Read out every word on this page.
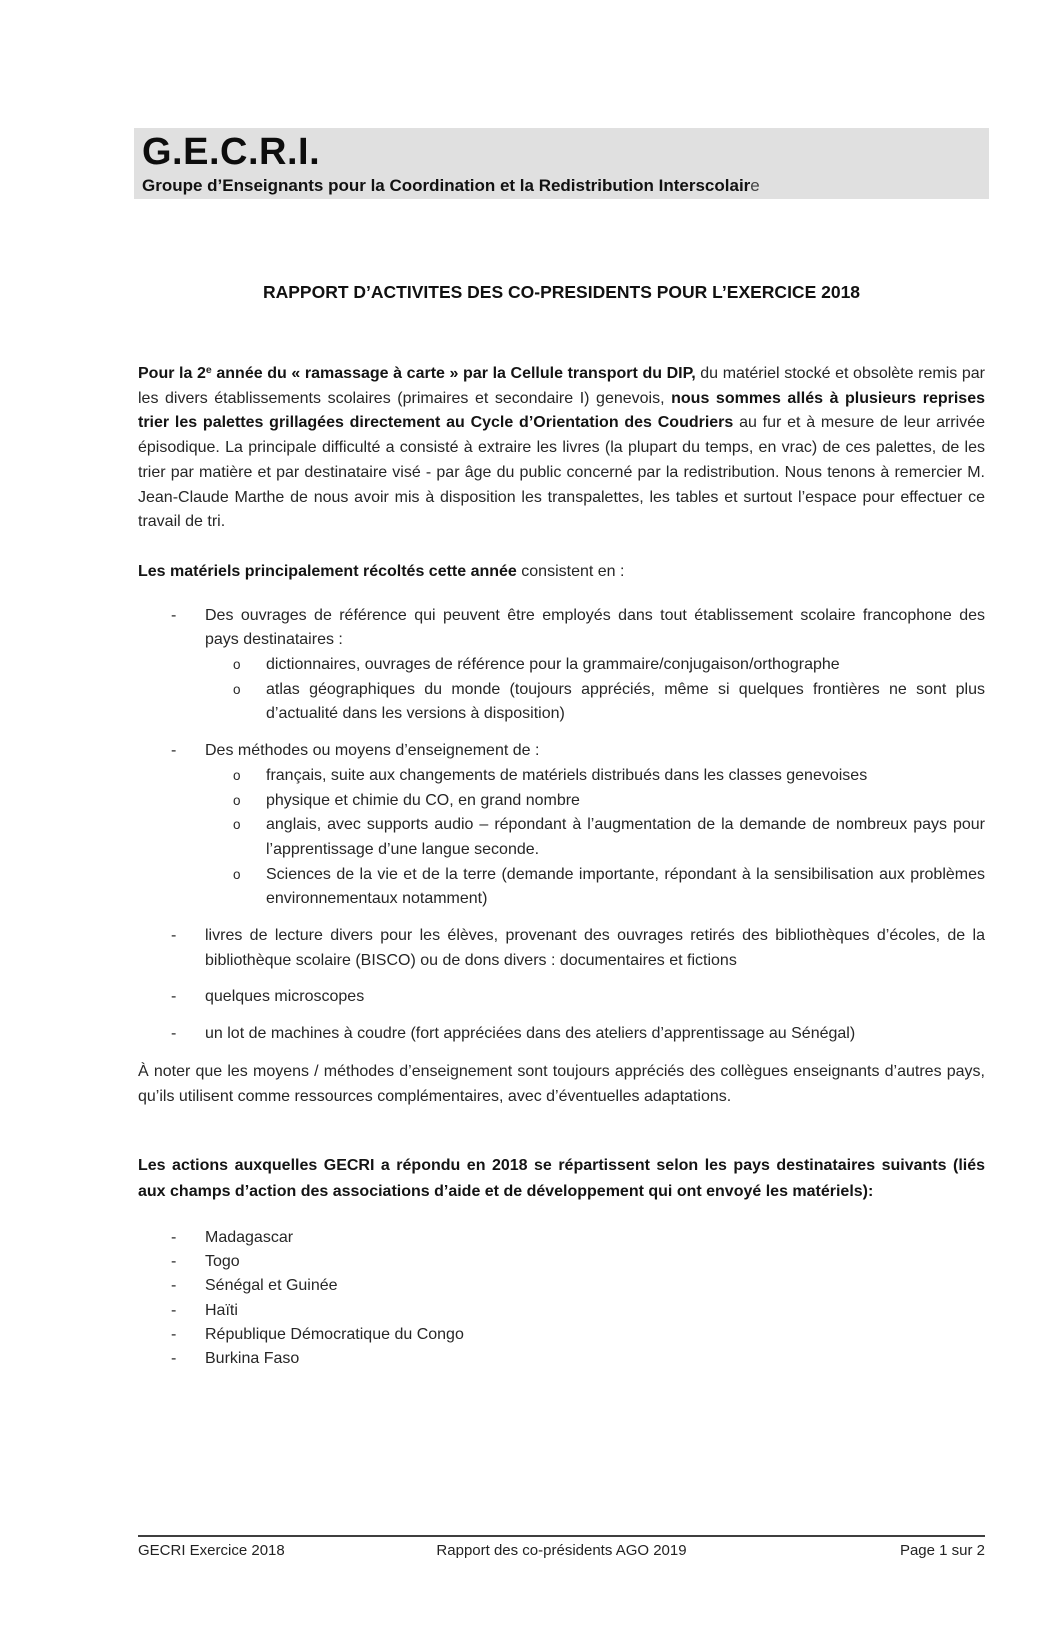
G.E.C.R.I.
Groupe d’Enseignants pour la Coordination et la Redistribution Interscolaire
RAPPORT D’ACTIVITES DES CO-PRESIDENTS POUR L’EXERCICE 2018

Pour la 2e année du « ramassage à carte » par la Cellule transport du DIP, du matériel stocké et obsolète remis par les divers établissements scolaires (primaires et secondaire I) genevois, nous sommes allés à plusieurs reprises trier les palettes grillagées directement au Cycle d’Orientation des Coudriers au fur et à mesure de leur arrivée épisodique. La principale difficulté a consisté à extraire les livres (la plupart du temps, en vrac) de ces palettes, de les trier par matière et par destinataire visé - par âge du public concerné par la redistribution. Nous tenons à remercier M. Jean-Claude Marthe de nous avoir mis à disposition les transpalettes, les tables et surtout l’espace pour effectuer ce travail de tri.

Les matériels principalement récoltés cette année consistent en :
- Des ouvrages de référence qui peuvent être employés dans tout établissement scolaire francophone des pays destinataires :
o dictionnaires, ouvrages de référence pour la grammaire/conjugaison/orthographe
o atlas géographiques du monde (toujours appréciés, même si quelques frontières ne sont plus d’actualité dans les versions à disposition)
- Des méthodes ou moyens d’enseignement de :
o français, suite aux changements de matériels distribués dans les classes genevoises
o physique et chimie du CO, en grand nombre
o anglais, avec supports audio – répondant à l’augmentation de la demande de nombreux pays pour l’apprentissage d’une langue seconde.
o Sciences de la vie et de la terre (demande importante, répondant à la sensibilisation aux problèmes environnementaux notamment)
- livres de lecture divers pour les élèves, provenant des ouvrages retirés des bibliothèques d’écoles, de la bibliothèque scolaire (BISCO) ou de dons divers : documentaires et fictions
- quelques microscopes
- un lot de machines à coudre (fort appréciées dans des ateliers d’apprentissage au Sénégal)

À noter que les moyens / méthodes d’enseignement sont toujours appréciés des collègues enseignants d’autres pays, qu’ils utilisent comme ressources complémentaires, avec d’éventuelles adaptations.

Les actions auxquelles GECRI a répondu en 2018 se répartissent selon les pays destinataires suivants (liés aux champs d’action des associations d’aide et de développement qui ont envoyé les matériels):
- Madagascar
- Togo
- Sénégal et Guinée
- Haïti
- République Démocratique du Congo
- Burkina Faso
GECRI Exercice 2018	Rapport des co-présidents AGO 2019	Page 1 sur 2
